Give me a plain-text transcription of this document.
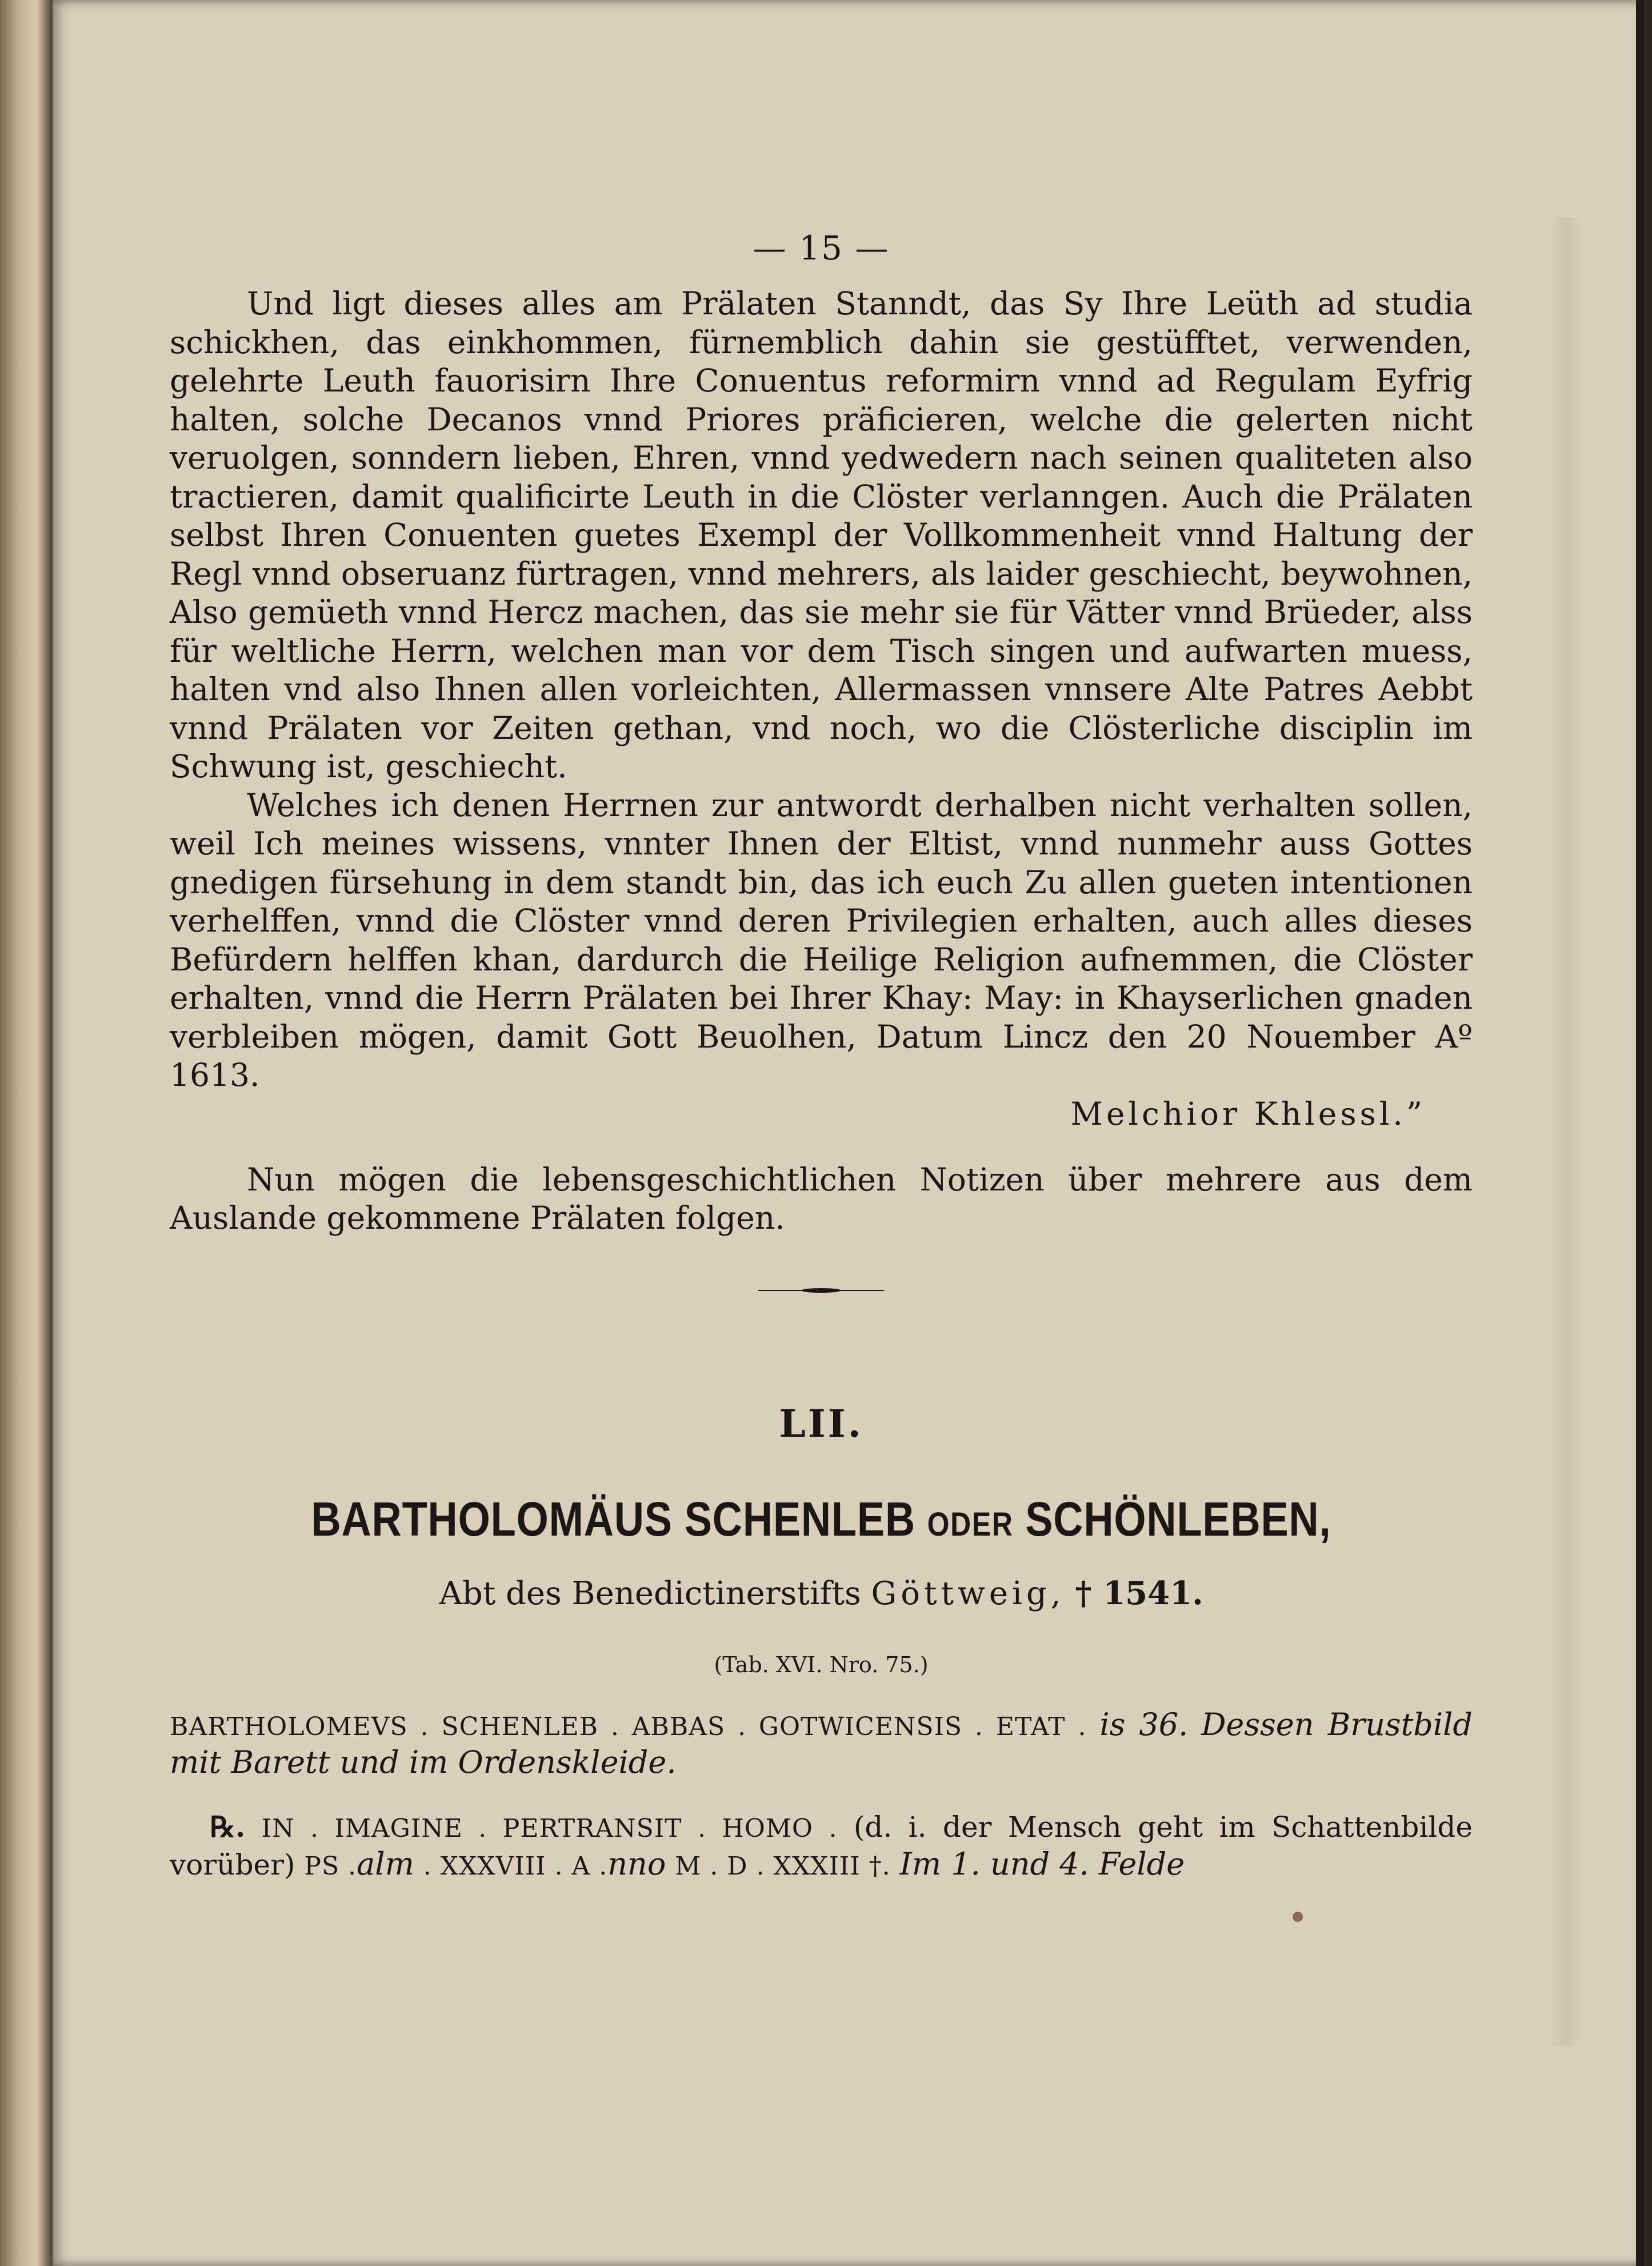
— 15 —

Und ligt dieses alles am Prälaten Stanndt, das Sy Ihre Leüth ad studia schickhen, das einkhommen, fürnemblich dahin sie gestüfftet, verwenden, gelehrte Leuth fauorisirn Ihre Conuentus reformirn vnnd ad Regulam Eyfrig halten, solche Decanos vnnd Priores präficieren, welche die gelerten nicht veruolgen, sonndern lieben, Ehren, vnnd yedwedern nach seinen qualiteten also tractieren, damit qualificirte Leuth in die Clöster verlanngen. Auch die Prälaten selbst Ihren Conuenten guetes Exempl der Vollkommenheit vnnd Haltung der Regl vnnd obseruanz fürtragen, vnnd mehrers, als laider geschiecht, beywohnen, Also gemüeth vnnd Hercz machen, das sie mehr sie für Vätter vnnd Brüeder, alss für weltliche Herrn, welchen man vor dem Tisch singen und aufwarten muess, halten vnd also Ihnen allen vorleichten, Allermassen vnnsere Alte Patres Aebbt vnnd Prälaten vor Zeiten gethan, vnd noch, wo die Clösterliche disciplin im Schwung ist, geschiecht.

Welches ich denen Herrnen zur antwordt derhalben nicht verhalten sollen, weil Ich meines wissens, vnnter Ihnen der Eltist, vnnd nunmehr auss Gottes gnedigen fürsehung in dem standt bin, das ich euch Zu allen gueten intentionen verhelffen, vnnd die Clöster vnnd deren Privilegien erhalten, auch alles dieses Befürdern helffen khan, dardurch die Heilige Religion aufnemmen, die Clöster erhalten, vnnd die Herrn Prälaten bei Ihrer Khay: May: in Khayserlichen gnaden verbleiben mögen, damit Gott Beuolhen, Datum Lincz den 20 Nouember Aº 1613.

Melchior Khlessl.”

Nun mögen die lebensgeschichtlichen Notizen über mehrere aus dem Auslande gekommene Prälaten folgen.

LII.
BARTHOLOMÄUS SCHENLEB ODER SCHÖNLEBEN,
Abt des Benedictinerstifts Göttweig, † 1541.
(Tab. XVI. Nro. 75.)

BARTHOLOMEVS . SCHENLEB . ABBAS . GOTWICENSIS . ETAT . is 36. Dessen Brustbild mit Barett und im Ordenskleide.

℞. IN . IMAGINE . PERTRANSIT . HOMO . (d. i. der Mensch geht im Schattenbilde vorüber) PS .alm . XXXVIII . A .nno M . D . XXXIII †. Im 1. und 4. Felde
